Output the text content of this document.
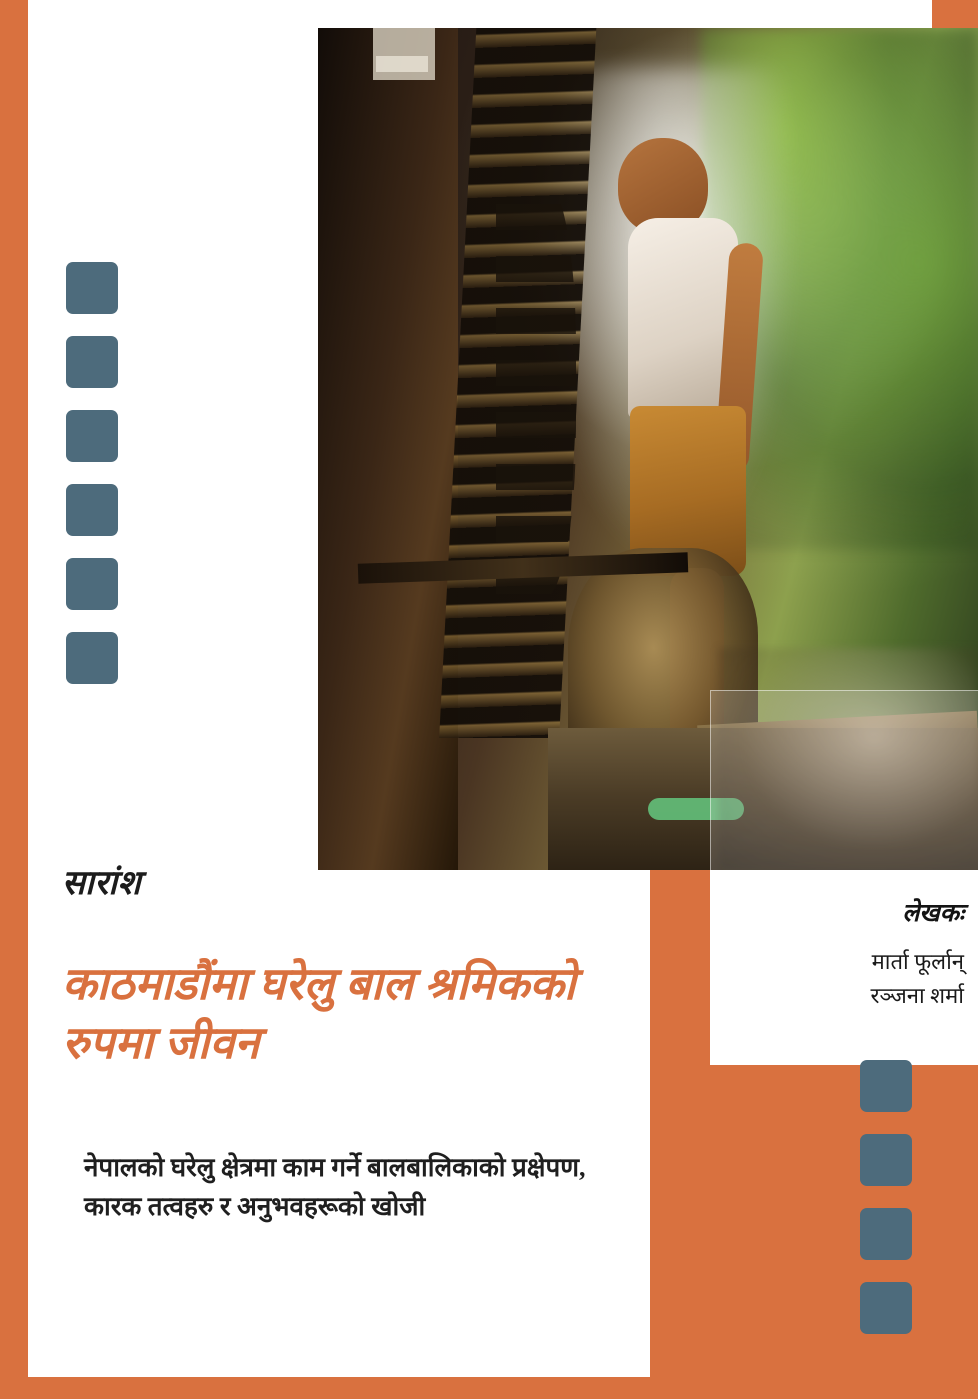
सारांश
काठमाडौंमा घरेलु बाल श्रमिकको रुपमा जीवन
नेपालको घरेलु क्षेत्रमा काम गर्ने बालबालिकाको प्रक्षेपण, कारक तत्वहरु र अनुभवहरूको खोजी
लेखकः
मार्ता फूर्लान्
रञ्जना शर्मा
